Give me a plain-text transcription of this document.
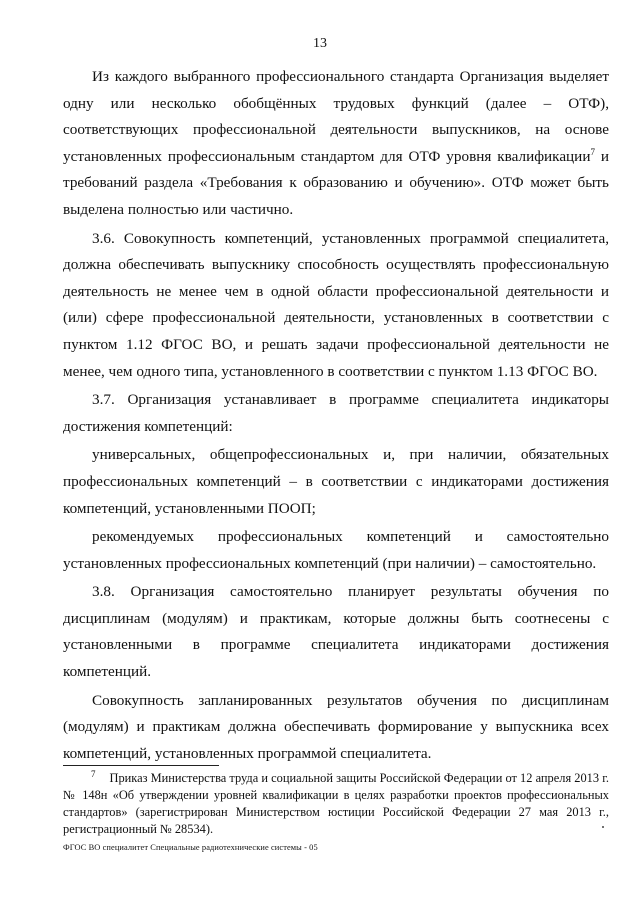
13

Из каждого выбранного профессионального стандарта Организация выделяет одну или несколько обобщённых трудовых функций (далее – ОТФ), соответствующих профессиональной деятельности выпускников, на основе установленных профессиональным стандартом для ОТФ уровня квалификации$^7$ и требований раздела «Требования к образованию и обучению». ОТФ может быть выделена полностью или частично.

3.6. Совокупность компетенций, установленных программой специалитета, должна обеспечивать выпускнику способность осуществлять профессиональную деятельность не менее чем в одной области профессиональной деятельности и (или) сфере профессиональной деятельности, установленных в соответствии с пунктом 1.12 ФГОС ВО, и решать задачи профессиональной деятельности не менее, чем одного типа, установленного в соответствии с пунктом 1.13 ФГОС ВО.

3.7. Организация устанавливает в программе специалитета индикаторы достижения компетенций:

универсальных, общепрофессиональных и, при наличии, обязательных профессиональных компетенций – в соответствии с индикаторами достижения компетенций, установленными ПООП;

рекомендуемых профессиональных компетенций и самостоятельно установленных профессиональных компетенций (при наличии) – самостоятельно.

3.8. Организация самостоятельно планирует результаты обучения по дисциплинам (модулям) и практикам, которые должны быть соотнесены с установленными в программе специалитета индикаторами достижения компетенций.

Совокупность запланированных результатов обучения по дисциплинам (модулям) и практикам должна обеспечивать формирование у выпускника всех компетенций, установленных программой специалитета.

$^7$ Приказ Министерства труда и социальной защиты Российской Федерации от 12 апреля 2013 г. № 148н «Об утверждении уровней квалификации в целях разработки проектов профессиональных стандартов» (зарегистрирован Министерством юстиции Российской Федерации 27 мая 2013 г., регистрационный № 28534).
ФГОС ВО специалитет Специальные радиотехнические системы - 05
